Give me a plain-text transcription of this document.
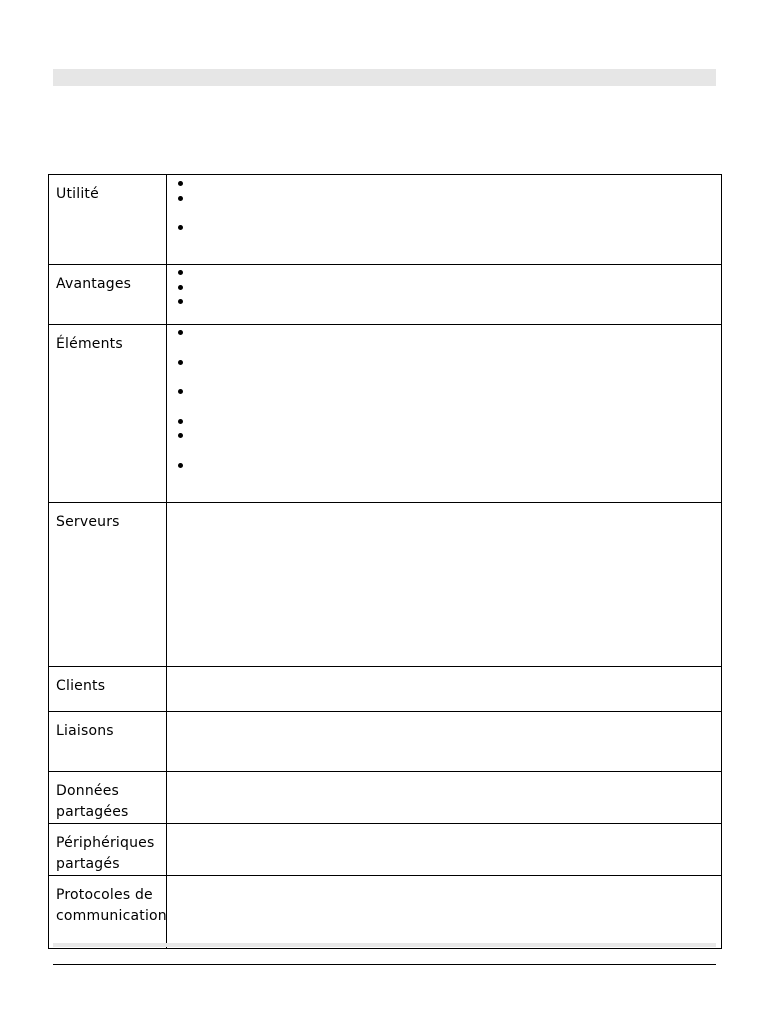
Utilité	

Avantages	

Éléments	

Serveurs	
Clients	
Liaisons	
Données partagées	
Périphériques partagés	
Protocoles de communication	
